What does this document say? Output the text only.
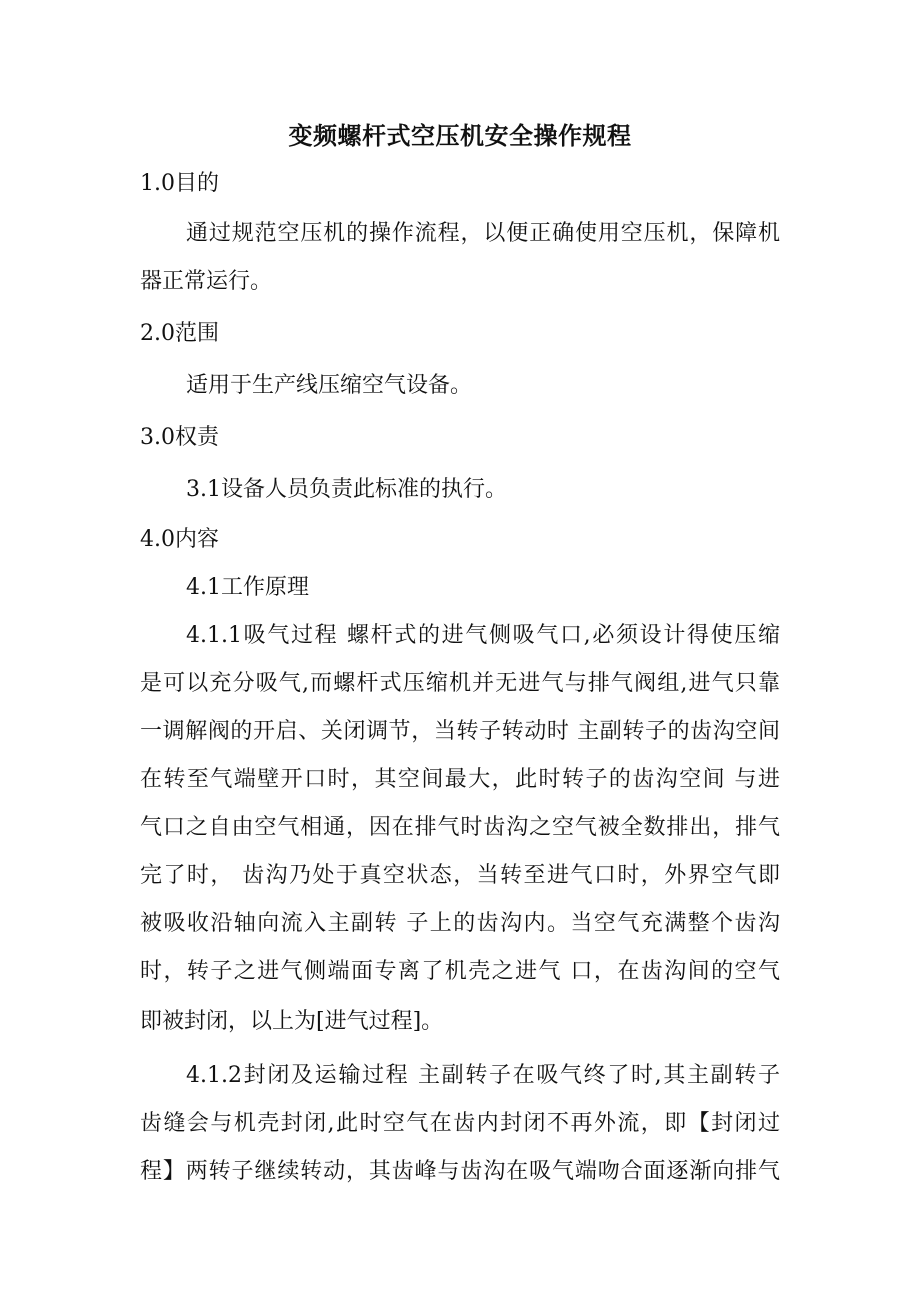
变频螺杆式空压机安全操作规程
1.0目的
通过规范空压机的操作流程，以便正确使用空压机，保障机
器正常运行。
2.0范围
适用于生产线压缩空气设备。
3.0权责
3.1设备人员负责此标准的执行。
4.0内容
4.1工作原理
4.1.1吸气过程 螺杆式的进气侧吸气口,必须设计得使压缩
是可以充分吸气,而螺杆式压缩机并无进气与排气阀组,进气只靠
一调解阀的开启、关闭调节，当转子转动时 主副转子的齿沟空间
在转至气端壁开口时，其空间最大，此时转子的齿沟空间 与进
气口之自由空气相通，因在排气时齿沟之空气被全数排出，排气
完了时， 齿沟乃处于真空状态，当转至进气口时，外界空气即
被吸收沿轴向流入主副转 子上的齿沟内。当空气充满整个齿沟
时，转子之进气侧端面专离了机壳之进气 口，在齿沟间的空气
即被封闭，以上为[进气过程]。
4.1.2封闭及运输过程 主副转子在吸气终了时,其主副转子
齿缝会与机壳封闭,此时空气在齿内封闭不再外流，即【封闭过
程】两转子继续转动，其齿峰与齿沟在吸气端吻合面逐渐向排气
